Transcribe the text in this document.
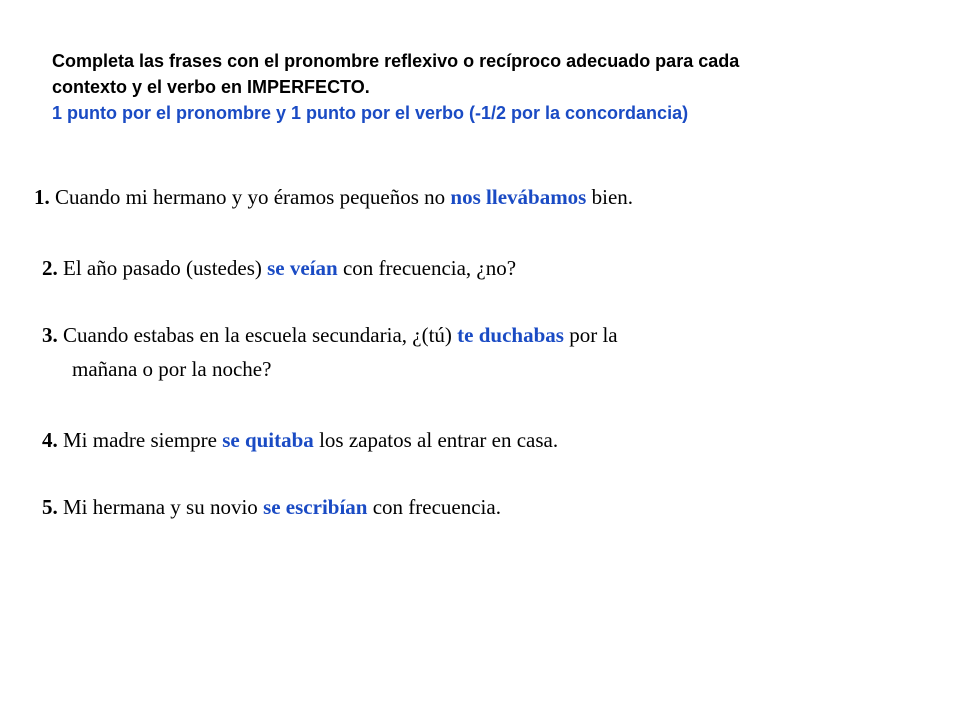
Completa las frases con el pronombre reflexivo o recíproco adecuado para cada
contexto y el verbo en IMPERFECTO.
1 punto por el pronombre y 1 punto por el verbo (-1/2 por la concordancia)
1. Cuando mi hermano y yo éramos pequeños no nos llevábamos bien.
2. El año pasado (ustedes) se veían con frecuencia, ¿no?
3. Cuando estabas en la escuela secundaria, ¿(tú) te duchabas por la
mañana o por la noche?
4. Mi madre siempre se quitaba los zapatos al entrar en casa.
5. Mi hermana y su novio se escribían con frecuencia.
